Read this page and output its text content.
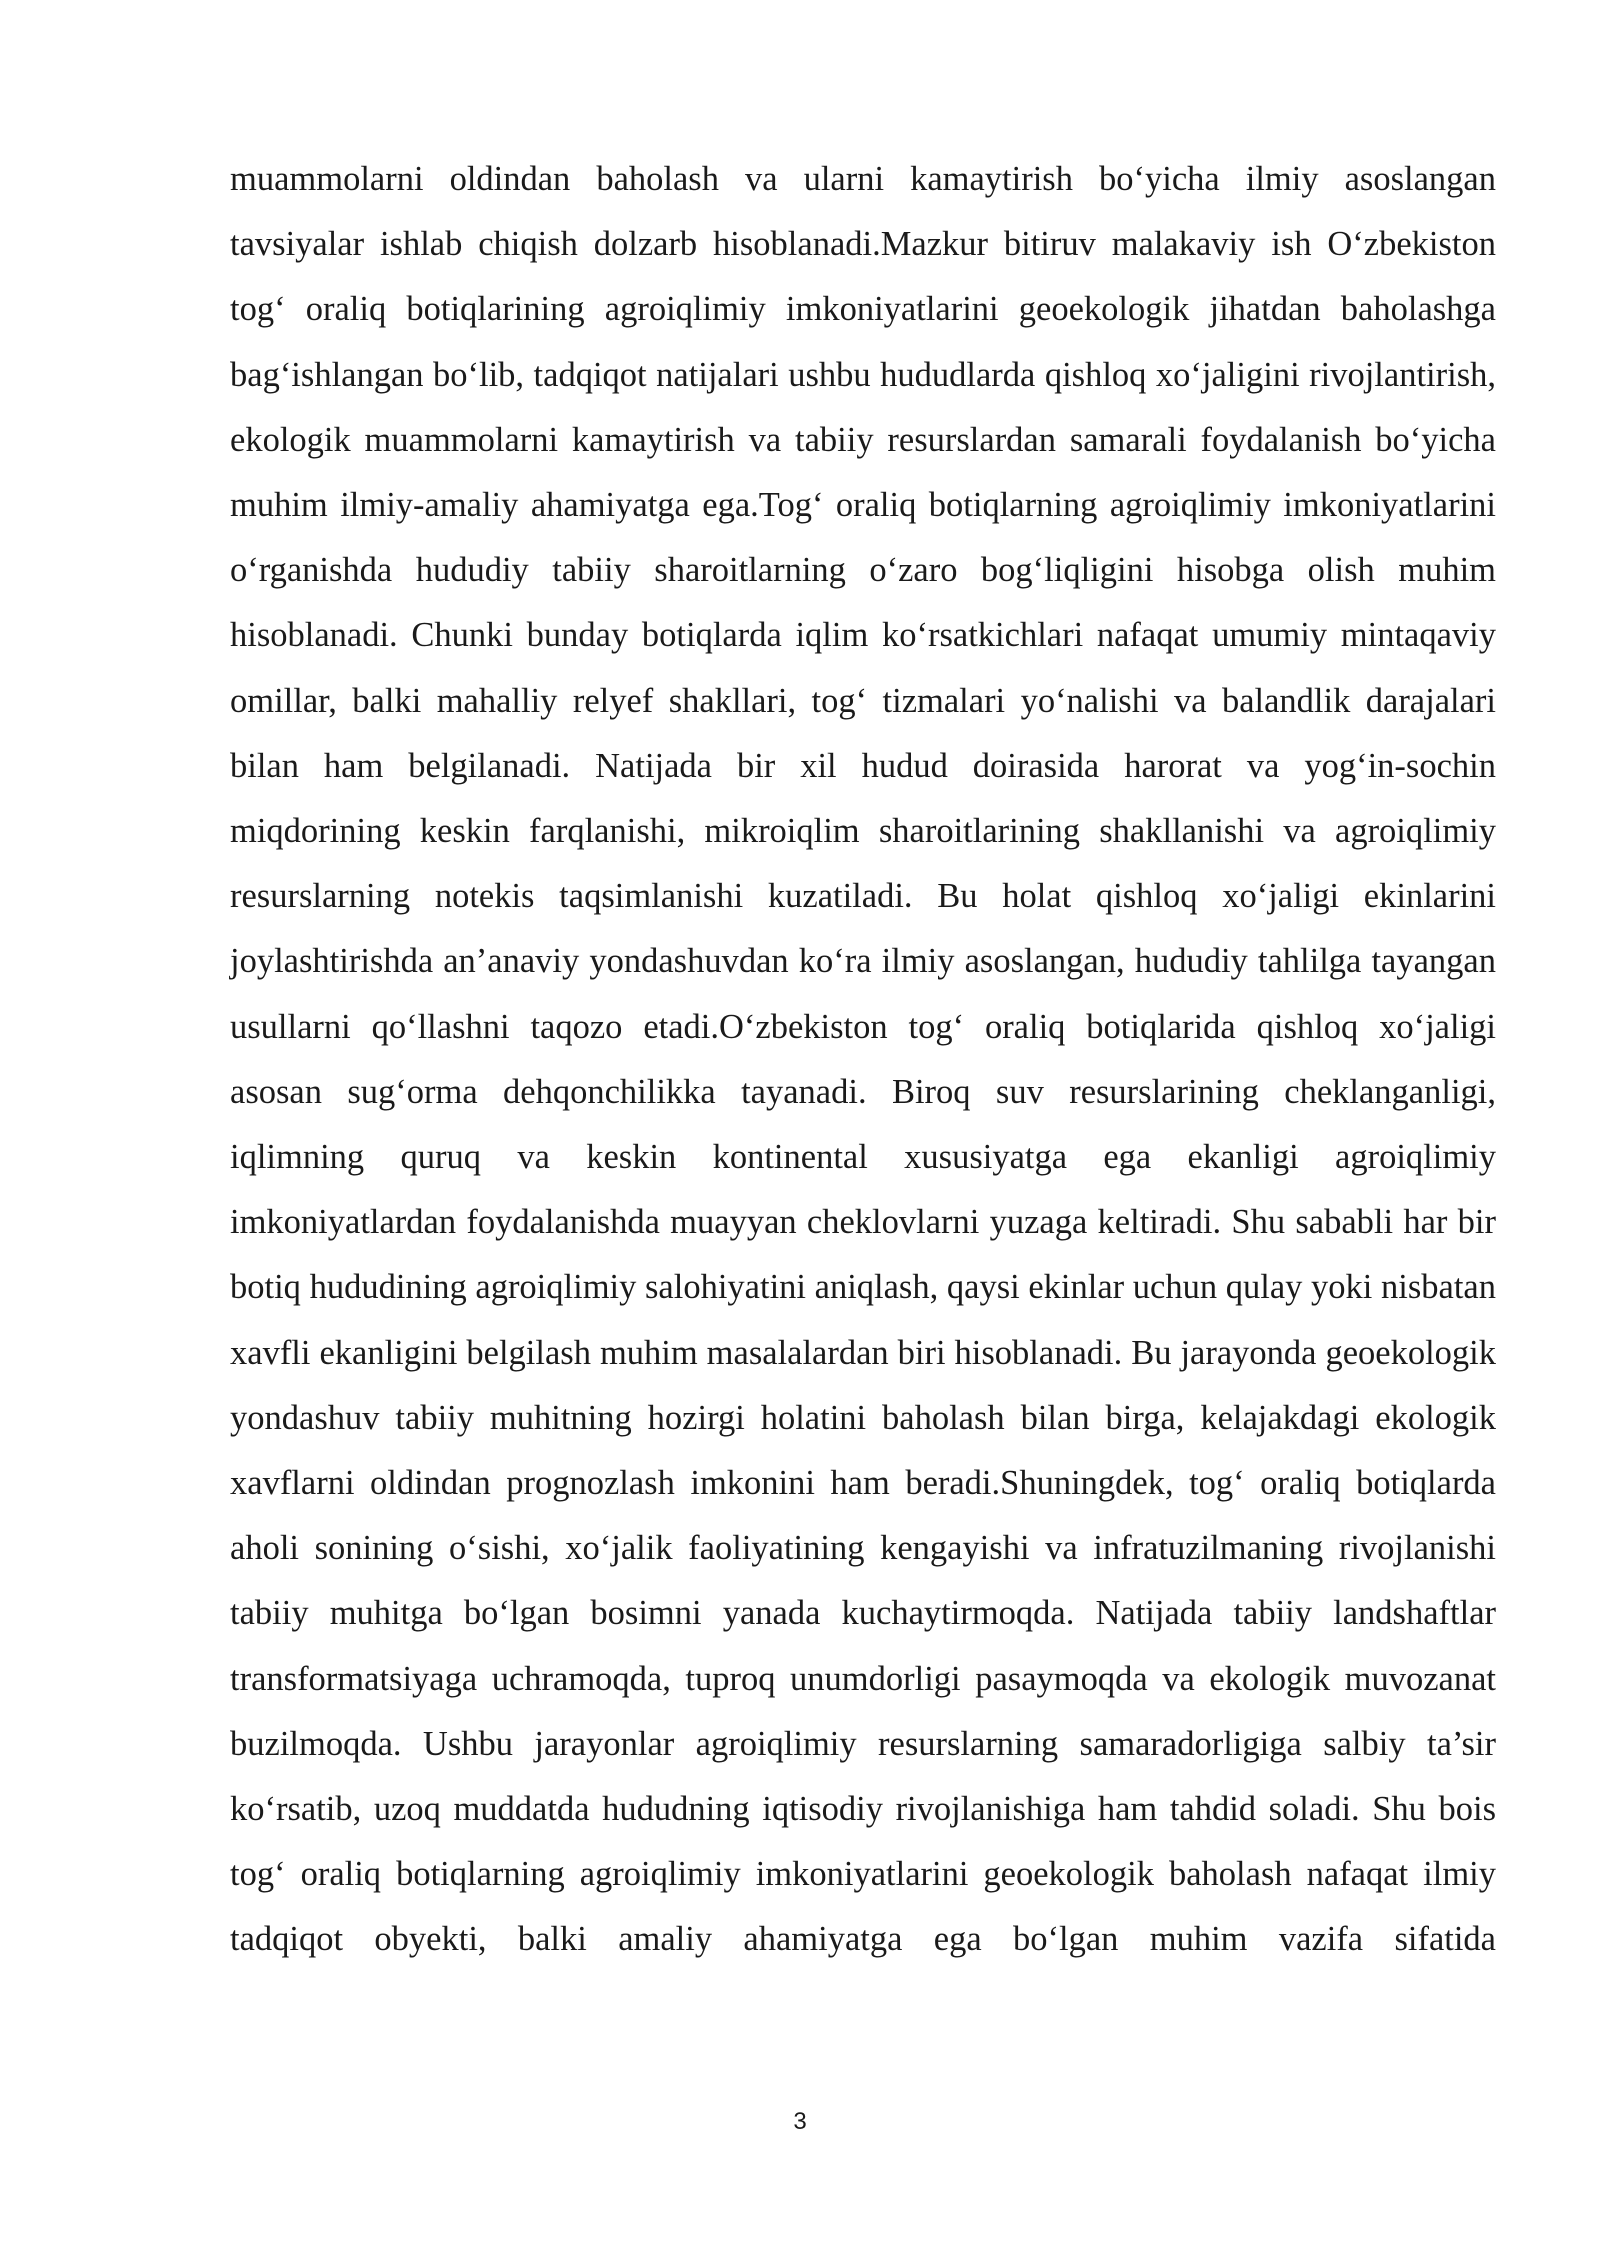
muammolarni oldindan baholash va ularni kamaytirish bo‘yicha ilmiy asoslangan tavsiyalar ishlab chiqish dolzarb hisoblanadi.Mazkur bitiruv malakaviy ish O‘zbekiston tog‘ oraliq botiqlarining agroiqlimiy imkoniyatlarini geoekologik jihatdan baholashga bag‘ishlangan bo‘lib, tadqiqot natijalari ushbu hududlarda qishloq xo‘jaligini rivojlantirish, ekologik muammolarni kamaytirish va tabiiy resurslardan samarali foydalanish bo‘yicha muhim ilmiy-amaliy ahamiyatga ega.Tog‘ oraliq botiqlarning agroiqlimiy imkoniyatlarini o‘rganishda hududiy tabiiy sharoitlarning o‘zaro bog‘liqligini hisobga olish muhim hisoblanadi. Chunki bunday botiqlarda iqlim ko‘rsatkichlari nafaqat umumiy mintaqaviy omillar, balki mahalliy relyef shakllari, tog‘ tizmalari yo‘nalishi va balandlik darajalari bilan ham belgilanadi. Natijada bir xil hudud doirasida harorat va yog‘in-sochin miqdorining keskin farqlanishi, mikroiqlim sharoitlarining shakllanishi va agroiqlimiy resurslarning notekis taqsimlanishi kuzatiladi. Bu holat qishloq xo‘jaligi ekinlarini joylashtirishda an’anaviy yondashuvdan ko‘ra ilmiy asoslangan, hududiy tahlilga tayangan usullarni qo‘llashni taqozo etadi.O‘zbekiston tog‘ oraliq botiqlarida qishloq xo‘jaligi asosan sug‘orma dehqonchilikka tayanadi. Biroq suv resurslarining cheklanganligi, iqlimning quruq va keskin kontinental xususiyatga ega ekanligi agroiqlimiy imkoniyatlardan foydalanishda muayyan cheklovlarni yuzaga keltiradi. Shu sababli har bir botiq hududining agroiqlimiy salohiyatini aniqlash, qaysi ekinlar uchun qulay yoki nisbatan xavfli ekanligini belgilash muhim masalalardan biri hisoblanadi. Bu jarayonda geoekologik yondashuv tabiiy muhitning hozirgi holatini baholash bilan birga, kelajakdagi ekologik xavflarni oldindan prognozlash imkonini ham beradi.Shuningdek, tog‘ oraliq botiqlarda aholi sonining o‘sishi, xo‘jalik faoliyatining kengayishi va infratuzilmaning rivojlanishi tabiiy muhitga bo‘lgan bosimni yanada kuchaytirmoqda. Natijada tabiiy landshaftlar transformatsiyaga uchramoqda, tuproq unumdorligi pasaymoqda va ekologik muvozanat buzilmoqda. Ushbu jarayonlar agroiqlimiy resurslarning samaradorligiga salbiy ta’sir ko‘rsatib, uzoq muddatda hududning iqtisodiy rivojlanishiga ham tahdid soladi. Shu bois tog‘ oraliq botiqlarning agroiqlimiy imkoniyatlarini geoekologik baholash nafaqat ilmiy tadqiqot obyekti, balki amaliy ahamiyatga ega bo‘lgan muhim vazifa sifatida

3
